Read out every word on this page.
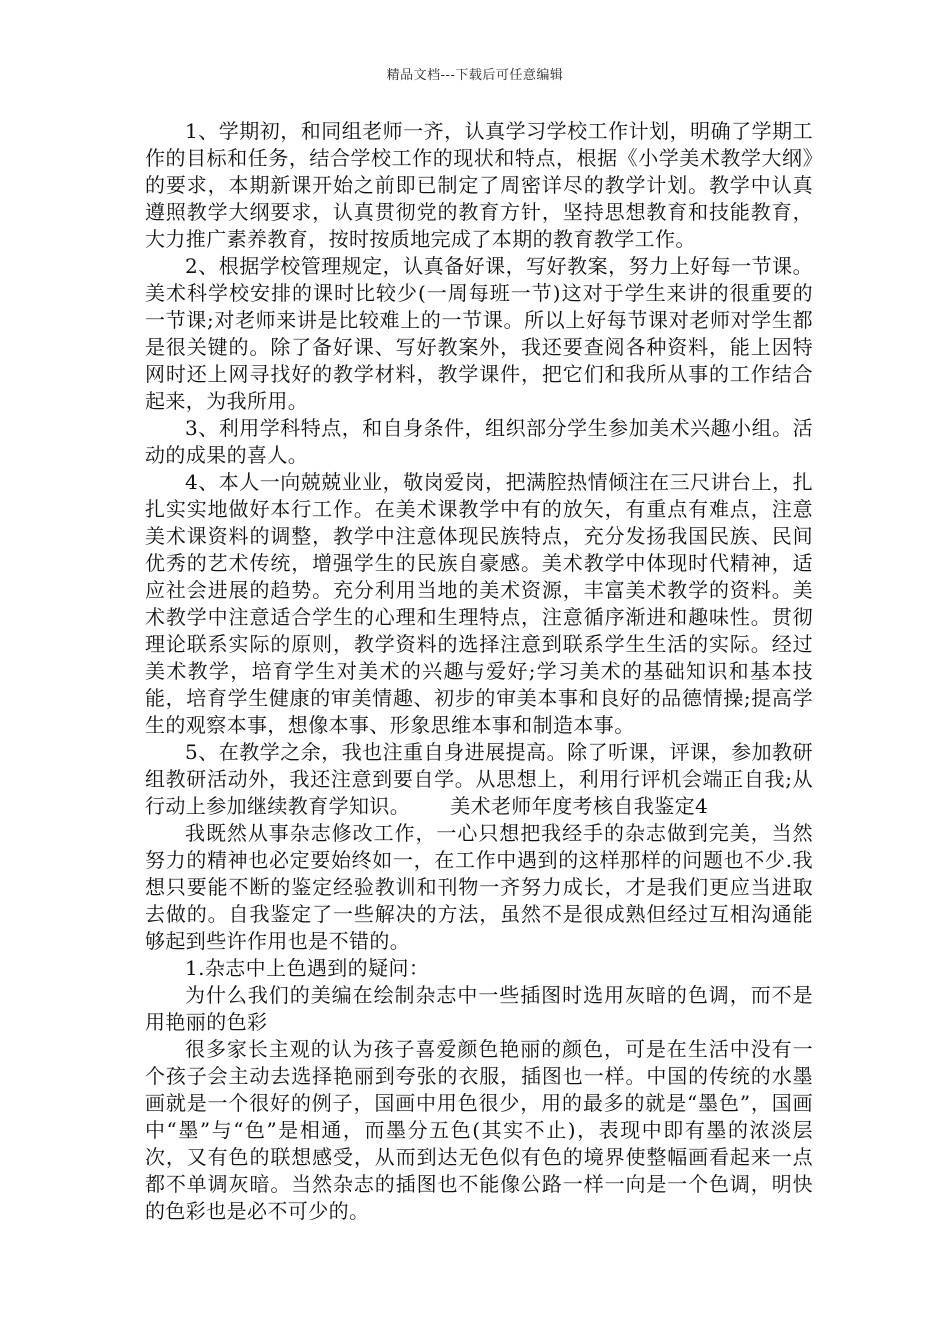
精品文档---下载后可任意编辑

1、学期初，和同组老师一齐，认真学习学校工作计划，明确了学期工作的目标和任务，结合学校工作的现状和特点，根据《小学美术教学大纲》的要求，本期新课开始之前即已制定了周密详尽的教学计划。教学中认真遵照教学大纲要求，认真贯彻党的教育方针，坚持思想教育和技能教育，大力推广素养教育，按时按质地完成了本期的教育教学工作。

2、根据学校管理规定，认真备好课，写好教案，努力上好每一节课。美术科学校安排的课时比较少(一周每班一节)这对于学生来讲的很重要的一节课;对老师来讲是比较难上的一节课。所以上好每节课对老师对学生都是很关键的。除了备好课、写好教案外，我还要查阅各种资料，能上因特网时还上网寻找好的教学材料，教学课件，把它们和我所从事的工作结合起来，为我所用。

3、利用学科特点，和自身条件，组织部分学生参加美术兴趣小组。活动的成果的喜人。

4、本人一向兢兢业业，敬岗爱岗，把满腔热情倾注在三尺讲台上，扎扎实实地做好本行工作。在美术课教学中有的放矢，有重点有难点，注意美术课资料的调整，教学中注意体现民族特点，充分发扬我国民族、民间优秀的艺术传统，增强学生的民族自豪感。美术教学中体现时代精神，适应社会进展的趋势。充分利用当地的美术资源，丰富美术教学的资料。美术教学中注意适合学生的心理和生理特点，注意循序渐进和趣味性。贯彻理论联系实际的原则，教学资料的选择注意到联系学生生活的实际。经过美术教学，培育学生对美术的兴趣与爱好;学习美术的基础知识和基本技能，培育学生健康的审美情趣、初步的审美本事和良好的品德情操;提高学生的观察本事，想像本事、形象思维本事和制造本事。

5、在教学之余，我也注重自身进展提高。除了听课，评课，参加教研组教研活动外，我还注意到要自学。从思想上，利用行评机会端正自我;从行动上参加继续教育学知识。 美术老师年度考核自我鉴定4

我既然从事杂志修改工作，一心只想把我经手的杂志做到完美，当然努力的精神也必定要始终如一，在工作中遇到的这样那样的问题也不少.我想只要能不断的鉴定经验教训和刊物一齐努力成长，才是我们更应当进取去做的。自我鉴定了一些解决的方法，虽然不是很成熟但经过互相沟通能够起到些许作用也是不错的。

1.杂志中上色遇到的疑问：

为什么我们的美编在绘制杂志中一些插图时选用灰暗的色调，而不是用艳丽的色彩

很多家长主观的认为孩子喜爱颜色艳丽的颜色，可是在生活中没有一个孩子会主动去选择艳丽到夸张的衣服，插图也一样。中国的传统的水墨画就是一个很好的例子，国画中用色很少，用的最多的就是“墨色”，国画中“墨”与“色”是相通，而墨分五色(其实不止)，表现中即有墨的浓淡层次，又有色的联想感受，从而到达无色似有色的境界使整幅画看起来一点都不单调灰暗。当然杂志的插图也不能像公路一样一向是一个色调，明快的色彩也是必不可少的。
